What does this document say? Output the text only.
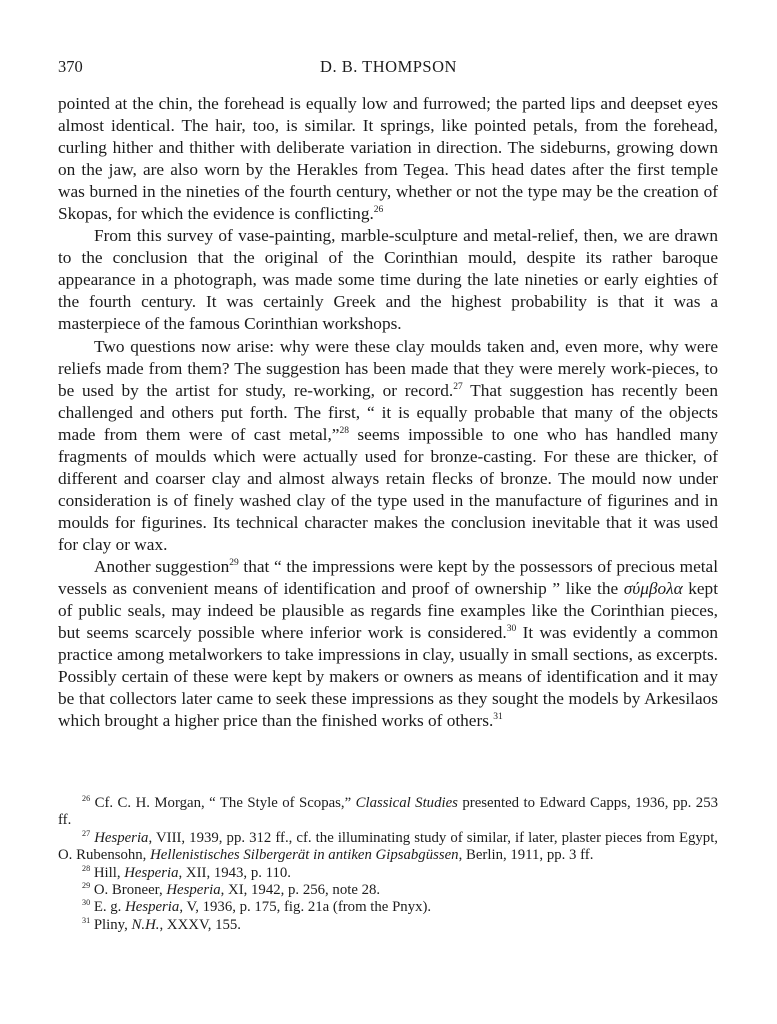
370	D. B. THOMPSON

pointed at the chin, the forehead is equally low and furrowed; the parted lips and deepset eyes almost identical. The hair, too, is similar. It springs, like pointed petals, from the forehead, curling hither and thither with deliberate variation in direction. The sideburns, growing down on the jaw, are also worn by the Herakles from Tegea. This head dates after the first temple was burned in the nineties of the fourth century, whether or not the type may be the creation of Skopas, for which the evidence is conflicting.$^{26}$

From this survey of vase-painting, marble-sculpture and metal-relief, then, we are drawn to the conclusion that the original of the Corinthian mould, despite its rather baroque appearance in a photograph, was made some time during the late nineties or early eighties of the fourth century. It was certainly Greek and the highest probability is that it was a masterpiece of the famous Corinthian workshops.

Two questions now arise: why were these clay moulds taken and, even more, why were reliefs made from them? The suggestion has been made that they were merely work-pieces, to be used by the artist for study, re-working, or record.$^{27}$ That suggestion has recently been challenged and others put forth. The first, “ it is equally probable that many of the objects made from them were of cast metal,”$^{28}$ seems impossible to one who has handled many fragments of moulds which were actually used for bronze-casting. For these are thicker, of different and coarser clay and almost always retain flecks of bronze. The mould now under consideration is of finely washed clay of the type used in the manufacture of figurines and in moulds for figurines. Its technical character makes the conclusion inevitable that it was used for clay or wax.

Another suggestion$^{29}$ that “ the impressions were kept by the possessors of precious metal vessels as convenient means of identification and proof of ownership ” like the σύμβολα kept of public seals, may indeed be plausible as regards fine examples like the Corinthian pieces, but seems scarcely possible where inferior work is considered.$^{30}$ It was evidently a common practice among metalworkers to take impressions in clay, usually in small sections, as excerpts. Possibly certain of these were kept by makers or owners as means of identification and it may be that collectors later came to seek these impressions as they sought the models by Arkesilaos which brought a higher price than the finished works of others.$^{31}$

$^{26}$ Cf. C. H. Morgan, “ The Style of Scopas,” Classical Studies presented to Edward Capps, 1936, pp. 253 ff.

$^{27}$ Hesperia, VIII, 1939, pp. 312 ff., cf. the illuminating study of similar, if later, plaster pieces from Egypt, O. Rubensohn, Hellenistisches Silbergerät in antiken Gipsabgüssen, Berlin, 1911, pp. 3 ff.

$^{28}$ Hill, Hesperia, XII, 1943, p. 110.

$^{29}$ O. Broneer, Hesperia, XI, 1942, p. 256, note 28.

$^{30}$ E. g. Hesperia, V, 1936, p. 175, fig. 21a (from the Pnyx).

$^{31}$ Pliny, N.H., XXXV, 155.
